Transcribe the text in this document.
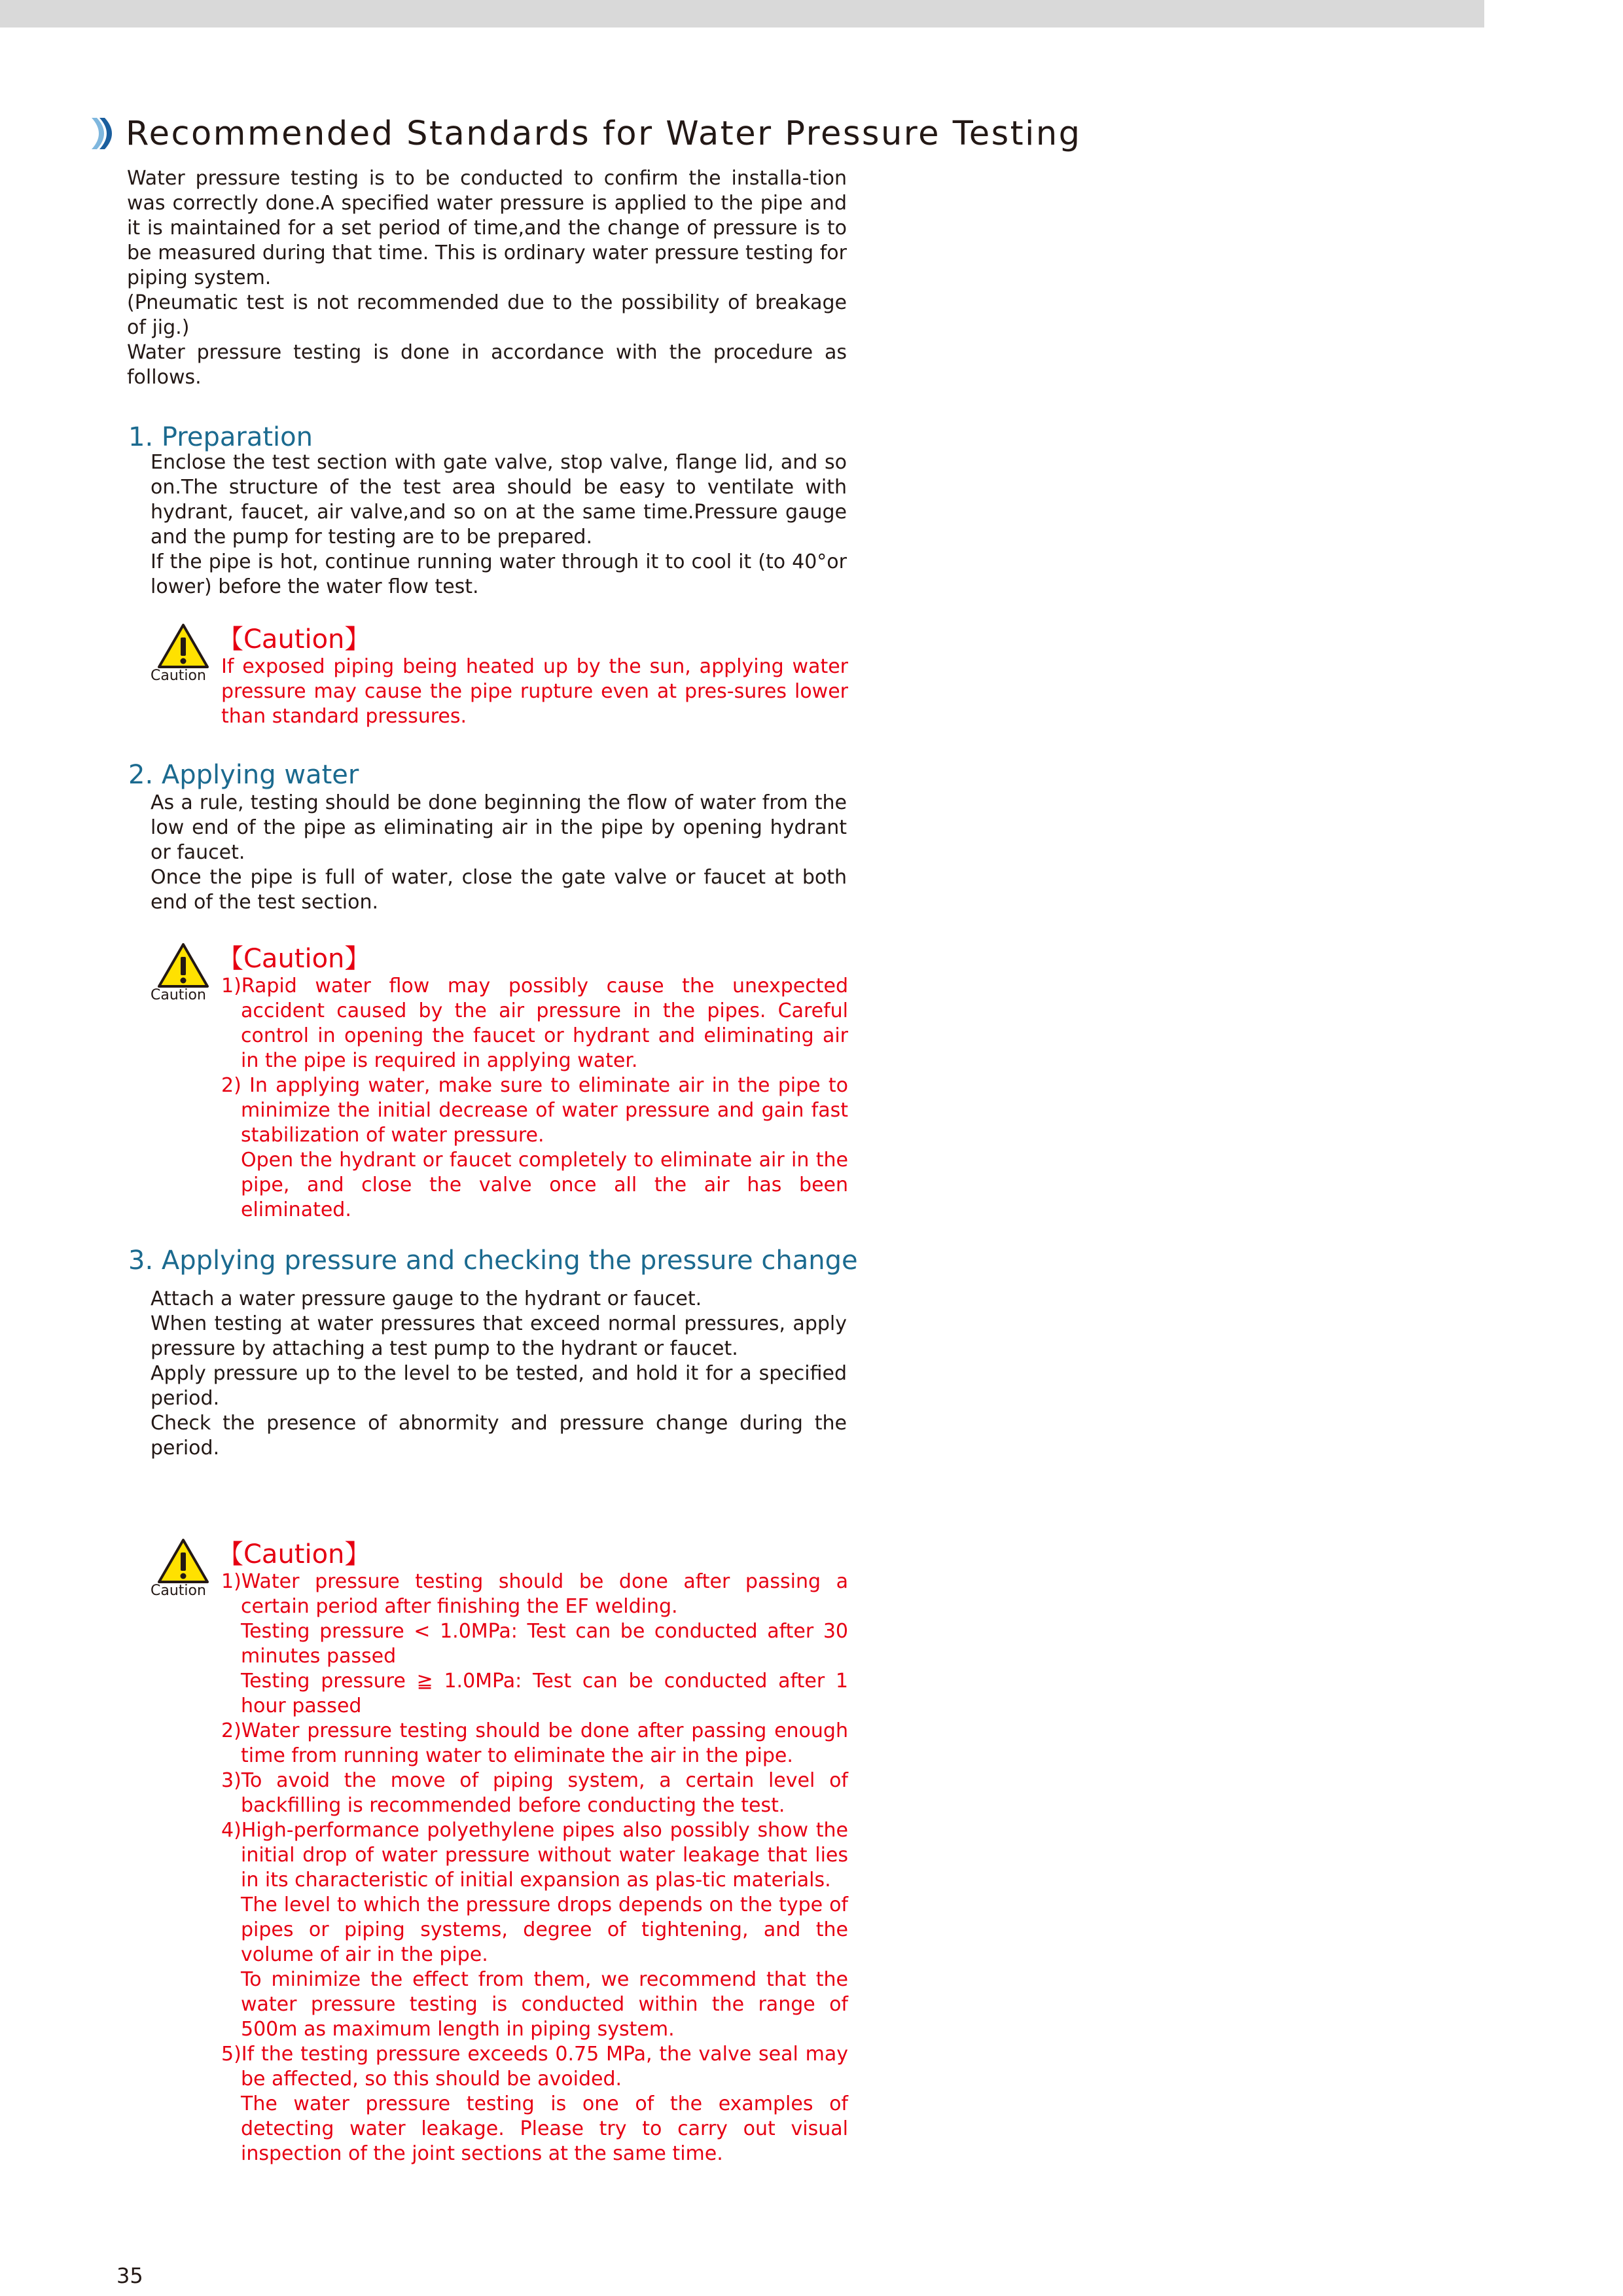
Recommended Standards for Water Pressure Testing

Water pressure testing is to be conducted to confirm the installa-tion was correctly done.A specified water pressure is applied to the pipe and it is maintained for a set period of time,and the change of pressure is to be measured during that time. This is ordinary water pressure testing for piping system.

(Pneumatic test is not recommended due to the possibility of breakage of jig.)

Water pressure testing is done in accordance with the procedure as follows.

1. Preparation

Enclose the test section with gate valve, stop valve, flange lid, and so on.The structure of the test area should be easy to ventilate with hydrant, faucet, air valve,and so on at the same time.Pressure gauge and the pump for testing are to be prepared.

If the pipe is hot, continue running water through it to cool it (to 40°or lower) before the water flow test.

Caution
【Caution】

If exposed piping being heated up by the sun, applying water pressure may cause the pipe rupture even at pres-sures lower than standard pressures.

2. Applying water

As a rule, testing should be done beginning the flow of water from the low end of the pipe as eliminating air in the pipe by opening hydrant or faucet.

Once the pipe is full of water, close the gate valve or faucet at both end of the test section.

Caution
【Caution】

1)Rapid water flow may possibly cause the unexpected accident caused by the air pressure in the pipes. Careful control in opening the faucet or hydrant and eliminating air in the pipe is required in applying water.

2) In applying water, make sure to eliminate air in the pipe to minimize the initial decrease of water pressure and gain fast stabilization of water pressure.

Open the hydrant or faucet completely to eliminate air in the pipe, and close the valve once all the air has been eliminated.

3. Applying pressure and checking the pressure change

Attach a water pressure gauge to the hydrant or faucet.

When testing at water pressures that exceed normal pressures, apply pressure by attaching a test pump to the hydrant or faucet.

Apply pressure up to the level to be tested, and hold it for a specified period.

Check the presence of abnormity and pressure change during the period.

Caution
【Caution】

1)Water pressure testing should be done after passing a certain period after finishing the EF welding.

Testing pressure < 1.0MPa: Test can be conducted after 30 minutes passed

Testing pressure ≧ 1.0MPa: Test can be conducted after 1 hour passed

2)Water pressure testing should be done after passing enough time from running water to eliminate the air in the pipe.

3)To avoid the move of piping system, a certain level of backfilling is recommended before conducting the test.

4)High-performance polyethylene pipes also possibly show the initial drop of water pressure without water leakage that lies in its characteristic of initial expansion as plas-tic materials.

The level to which the pressure drops depends on the type of pipes or piping systems, degree of tightening, and the volume of air in the pipe.

To minimize the effect from them, we recommend that the water pressure testing is conducted within the range of 500m as maximum length in piping system.

5)If the testing pressure exceeds 0.75 MPa, the valve seal may be affected, so this should be avoided.

The water pressure testing is one of the examples of detecting water leakage. Please try to carry out visual inspection of the joint sections at the same time.

35
